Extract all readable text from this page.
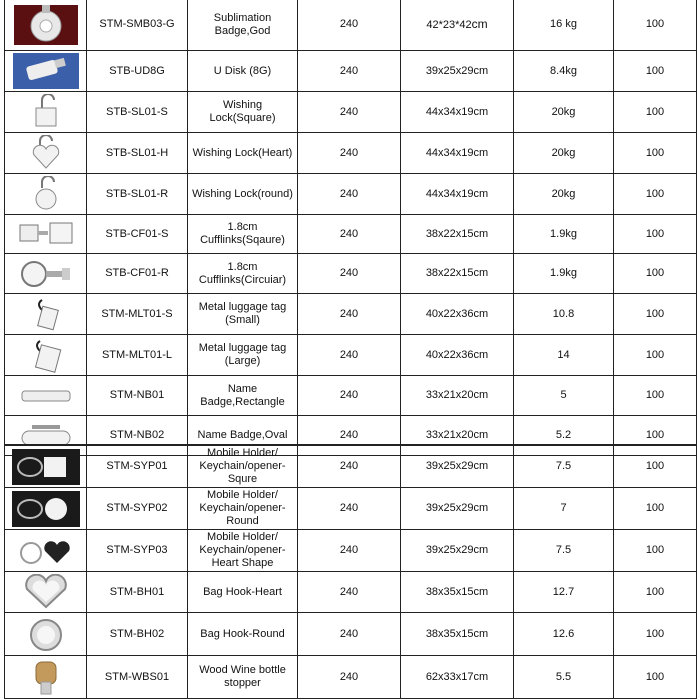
	STM-SMB03-G	Sublimation
Badge,God	240	42*23*42cm	16 kg	100

	STB-UD8G	U Disk (8G)	240	39x25x29cm	8.4kg	100

	STB-SL01-S	Wishing
Lock(Square)	240	44x34x19cm	20kg	100

	STB-SL01-H	Wishing Lock(Heart)	240	44x34x19cm	20kg	100

	STB-SL01-R	Wishing Lock(round)	240	44x34x19cm	20kg	100

	STB-CF01-S	1.8cm
Cufflinks(Sqaure)	240	38x22x15cm	1.9kg	100

	STB-CF01-R	1.8cm
Cufflinks(Circuiar)	240	38x22x15cm	1.9kg	100

	STM-MLT01-S	Metal luggage tag
(Small)	240	40x22x36cm	10.8	100

	STM-MLT01-L	Metal luggage tag
(Large)	240	40x22x36cm	14	100

	STM-NB01	Name
Badge,Rectangle	240	33x21x20cm	5	100

	STM-NB02	Name Badge,Oval	240	33x21x20cm	5.2	100
	STM-SYP01	Mobile Holder/
Keychain/opener-
Squre	240	39x25x29cm	7.5	100

	STM-SYP02	Mobile Holder/
Keychain/opener-
Round	240	39x25x29cm	7	100

	STM-SYP03	Mobile Holder/
Keychain/opener-
Heart Shape	240	39x25x29cm	7.5	100

	STM-BH01	Bag Hook-Heart	240	38x35x15cm	12.7	100

	STM-BH02	Bag Hook-Round	240	38x35x15cm	12.6	100

	STM-WBS01	Wood Wine bottle
stopper	240	62x33x17cm	5.5	100
